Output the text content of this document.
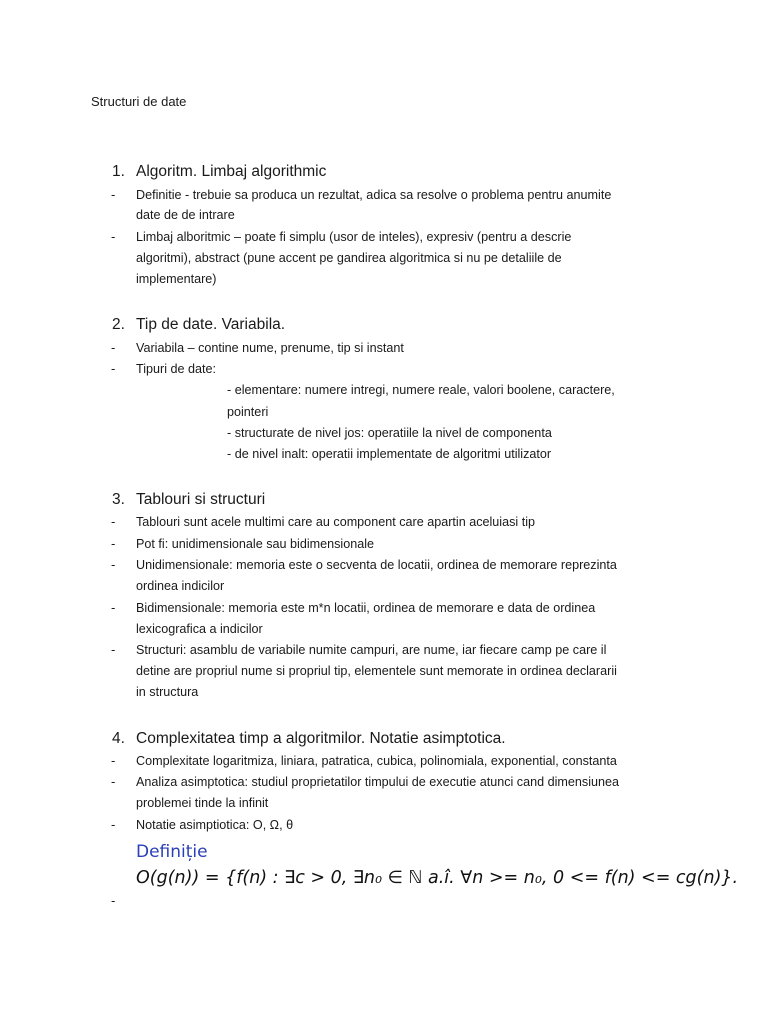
Structuri de date
1. Algoritm. Limbaj algorithmic
- Definitie - trebuie sa produca un rezultat, adica sa resolve o problema pentru anumite
date de de intrare
- Limbaj alboritmic – poate fi simplu (usor de inteles), expresiv (pentru a descrie
algoritmi), abstract (pune accent pe gandirea algoritmica si nu pe detaliile de
implementare)
2. Tip de date. Variabila.
- Variabila – contine nume, prenume, tip si instant
- Tipuri de date:
- elementare: numere intregi, numere reale, valori boolene, caractere,
pointeri
- structurate de nivel jos: operatiile la nivel de componenta
- de nivel inalt: operatii implementate de algoritmi utilizator
3. Tablouri si structuri
- Tablouri sunt acele multimi care au component care apartin aceluiasi tip
- Pot fi: unidimensionale sau bidimensionale
- Unidimensionale: memoria este o secventa de locatii, ordinea de memorare reprezinta
ordinea indicilor
- Bidimensionale: memoria este m*n locatii, ordinea de memorare e data de ordinea
lexicografica a indicilor
- Structuri: asamblu de variabile numite campuri, are nume, iar fiecare camp pe care il
detine are propriul nume si propriul tip, elementele sunt memorate in ordinea declararii
in structura
4. Complexitatea timp a algoritmilor. Notatie asimptotica.
- Complexitate logaritmiza, liniara, patratica, cubica, polinomiala, exponential, constanta
- Analiza asimptotica: studiul proprietatilor timpului de executie atunci cand dimensiunea
problemei tinde la infinit
- Notatie asimptiotica: O, Ω, θ
Definiție
O(g(n)) = {f(n) : ∃c > 0, ∃n₀ ∈ ℕ a.î. ∀n >= n₀, 0 <= f(n) <= cg(n)}.
-
